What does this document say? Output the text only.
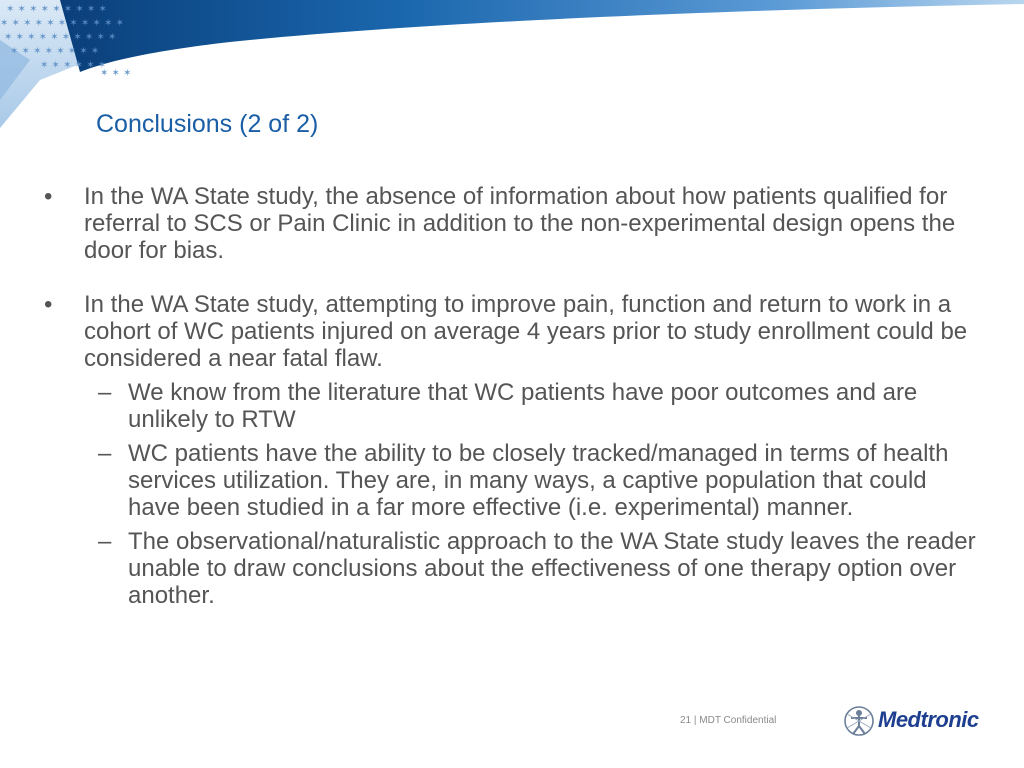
✶ ✶ ✶ ✶ ✶ ✶ ✶ ✶ ✶
✶ ✶ ✶ ✶ ✶ ✶ ✶ ✶ ✶ ✶ ✶
✶ ✶ ✶ ✶ ✶ ✶ ✶ ✶ ✶ ✶
✶ ✶ ✶ ✶ ✶ ✶ ✶ ✶
✶ ✶ ✶ ✶ ✶ ✶
✶ ✶ ✶
Conclusions (2 of 2)
• In the WA State study, the absence of information about how patients qualified for referral to SCS or Pain Clinic in addition to the non-experimental design opens the door for bias.
• In the WA State study, attempting to improve pain, function and return to work in a cohort of WC patients injured on average 4 years prior to study enrollment could be considered a near fatal flaw.
– We know from the literature that WC patients have poor outcomes and are unlikely to RTW
– WC patients have the ability to be closely tracked/managed in terms of health services utilization. They are, in many ways, a captive population that could have been studied in a far more effective (i.e. experimental) manner.
– The observational/naturalistic approach to the WA State study leaves the reader unable to draw conclusions about the effectiveness of one therapy option over another.
21 | MDT Confidential	Medtronic
